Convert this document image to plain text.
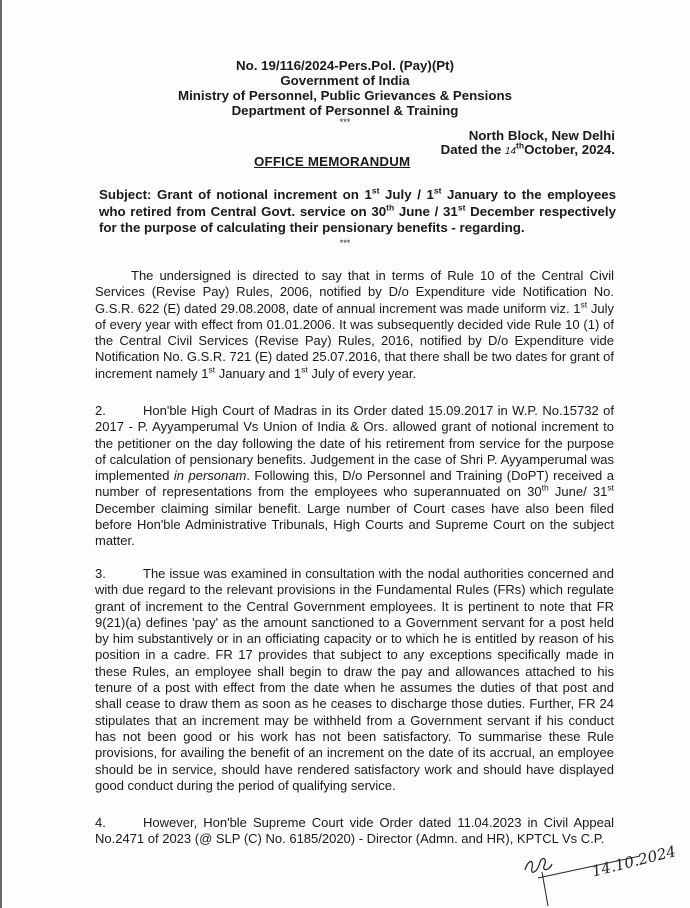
No. 19/116/2024-Pers.Pol. (Pay)(Pt)
Government of India
Ministry of Personnel, Public Grievances & Pensions
Department of Personnel & Training
***
North Block, New Delhi
Dated the 14thOctober, 2024.
OFFICE MEMORANDUM
Subject: Grant of notional increment on 1st July / 1st January to the employees who retired from Central Govt. service on 30th June / 31st December respectively for the purpose of calculating their pensionary benefits - regarding.
***
The undersigned is directed to say that in terms of Rule 10 of the Central Civil Services (Revise Pay) Rules, 2006, notified by D/o Expenditure vide Notification No. G.S.R. 622 (E) dated 29.08.2008, date of annual increment was made uniform viz. 1st July of every year with effect from 01.01.2006. It was subsequently decided vide Rule 10 (1) of the Central Civil Services (Revise Pay) Rules, 2016, notified by D/o Expenditure vide Notification No. G.S.R. 721 (E) dated 25.07.2016, that there shall be two dates for grant of increment namely 1st January and 1st July of every year.
2.	Hon'ble High Court of Madras in its Order dated 15.09.2017 in W.P. No.15732 of 2017 - P. Ayyamperumal Vs Union of India & Ors. allowed grant of notional increment to the petitioner on the day following the date of his retirement from service for the purpose of calculation of pensionary benefits. Judgement in the case of Shri P. Ayyamperumal was implemented in personam. Following this, D/o Personnel and Training (DoPT) received a number of representations from the employees who superannuated on 30th June/ 31st December claiming similar benefit. Large number of Court cases have also been filed before Hon'ble Administrative Tribunals, High Courts and Supreme Court on the subject matter.
3.	The issue was examined in consultation with the nodal authorities concerned and with due regard to the relevant provisions in the Fundamental Rules (FRs) which regulate grant of increment to the Central Government employees. It is pertinent to note that FR 9(21)(a) defines 'pay' as the amount sanctioned to a Government servant for a post held by him substantively or in an officiating capacity or to which he is entitled by reason of his position in a cadre. FR 17 provides that subject to any exceptions specifically made in these Rules, an employee shall begin to draw the pay and allowances attached to his tenure of a post with effect from the date when he assumes the duties of that post and shall cease to draw them as soon as he ceases to discharge those duties. Further, FR 24 stipulates that an increment may be withheld from a Government servant if his conduct has not been good or his work has not been satisfactory. To summarise these Rule provisions, for availing the benefit of an increment on the date of its accrual, an employee should be in service, should have rendered satisfactory work and should have displayed good conduct during the period of qualifying service.
4.	However, Hon'ble Supreme Court vide Order dated 11.04.2023 in Civil Appeal No.2471 of 2023 (@ SLP (C) No. 6185/2020) - Director (Admn. and HR), KPTCL Vs C.P.
14.10.2024
